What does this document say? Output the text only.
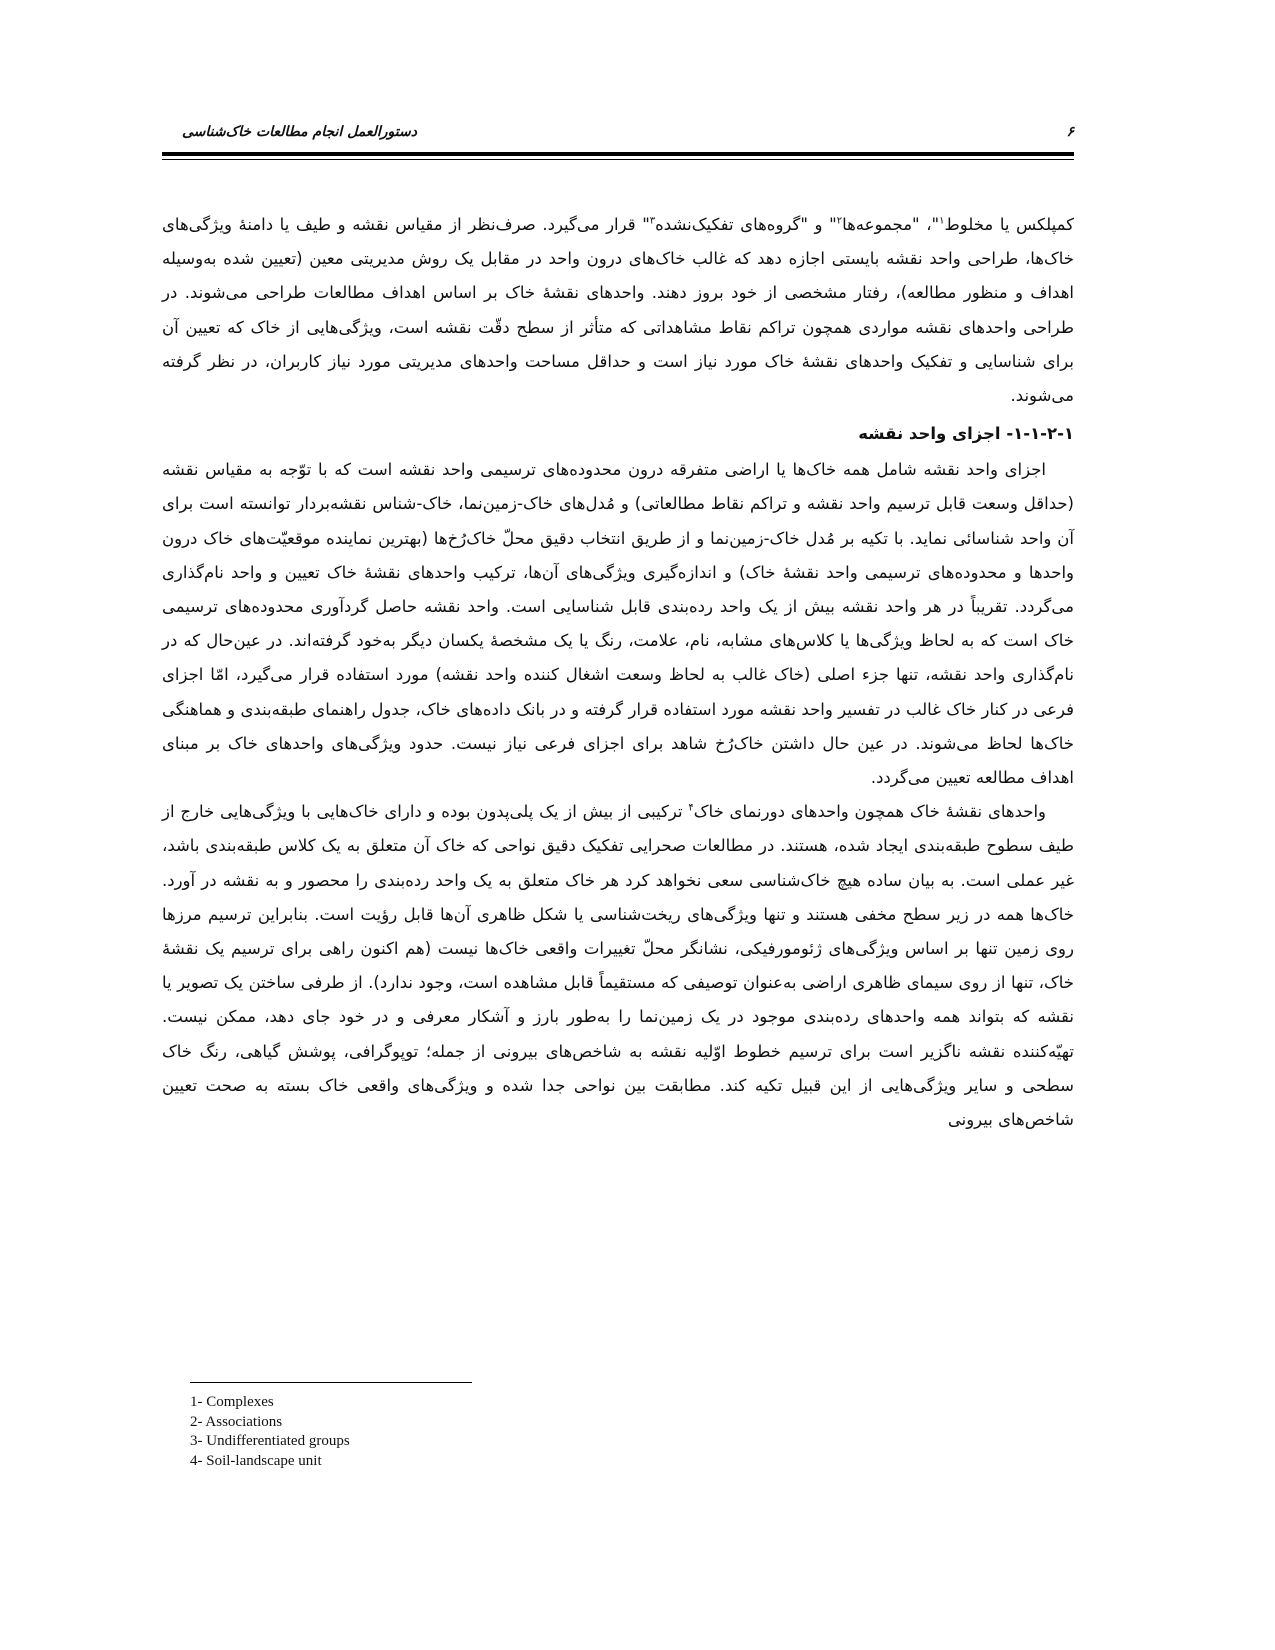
۶
دستورالعمل انجام مطالعات خاک‌شناسی

کمپلکس یا مخلوط$^۱$"، "مجموعه‌ها$^۲$" و "گروه‌های تفکیک‌نشده$^۳$" قرار می‌گیرد. صرف‌نظر از مقیاس نقشه و طیف یا دامنهٔ ویژگی‌های خاک‌ها، طراحی واحد نقشه بایستی اجازه دهد که غالب خاک‌های درون واحد در مقابل یک روش مدیریتی معین (تعیین شده به‌وسیله اهداف و منظور مطالعه)، رفتار مشخصی از خود بروز دهند. واحدهای نقشهٔ خاک بر اساس اهداف مطالعات طراحی می‌شوند. در طراحی واحدهای نقشه مواردی همچون تراکم نقاط مشاهداتی که متأثر از سطح دقّت نقشه است، ویژگی‌هایی از خاک که تعیین آن برای شناسایی و تفکیک واحدهای نقشهٔ خاک مورد نیاز است و حداقل مساحت واحدهای مدیریتی مورد نیاز کاربران، در نظر گرفته می‌شوند.

۱-۱-۲-۱- اجزای واحد نقشه

اجزای واحد نقشه شامل همه خاک‌ها یا اراضی متفرقه درون محدوده‌های ترسیمی واحد نقشه است که با توّجه به مقیاس نقشه (حداقل وسعت قابل ترسیم واحد نقشه و تراکم نقاط مطالعاتی) و مُدل‌های خاک-زمین‌نما، خاک-شناس نقشه‌بردار توانسته است برای آن واحد شناسائی نماید. با تکیه بر مُدل خاک-زمین‌نما و از طریق انتخاب دقیق محلّ خاک‌رُخ‌ها (بهترین نماینده موقعیّت‌های خاک درون واحدها و محدوده‌های ترسیمی واحد نقشهٔ خاک) و اندازه‌گیری ویژگی‌های آن‌ها، ترکیب واحدهای نقشهٔ خاک تعیین و واحد نام‌گذاری می‌گردد. تقریباً در هر واحد نقشه بیش از یک واحد رده‌بندی قابل شناسایی است. واحد نقشه حاصل گردآوری محدوده‌های ترسیمی خاک است که به لحاظ ویژگی‌ها یا کلاس‌های مشابه، نام، علامت، رنگ یا یک مشخصهٔ یکسان دیگر به‌خود گرفته‌اند. در عین‌حال که در نام‌گذاری واحد نقشه، تنها جزء اصلی (خاک غالب به لحاظ وسعت اشغال کننده واحد نقشه) مورد استفاده قرار می‌گیرد، امّا اجزای فرعی در کنار خاک غالب در تفسیر واحد نقشه مورد استفاده قرار گرفته و در بانک داده‌های خاک، جدول راهنمای طبقه‌بندی و هماهنگی خاک‌ها لحاظ می‌شوند. در عین حال داشتن خاک‌رُخ شاهد برای اجزای فرعی نیاز نیست. حدود ویژگی‌های واحدهای خاک بر مبنای اهداف مطالعه تعیین می‌گردد.

واحدهای نقشهٔ خاک همچون واحدهای دورنمای خاک$^۴$ ترکیبی از بیش از یک پلی‌پدون بوده و دارای خاک‌هایی با ویژگی‌هایی خارج از طیف سطوح طبقه‌بندی ایجاد شده، هستند. در مطالعات صحرایی تفکیک دقیق نواحی که خاک آن متعلق به یک کلاس طبقه‌بندی باشد، غیر عملی است. به بیان ساده هیچ خاک‌شناسی سعی نخواهد کرد هر خاک متعلق به یک واحد رده‌بندی را محصور و به نقشه در آورد. خاک‌ها همه در زیر سطح مخفی هستند و تنها ویژگی‌های ریخت‌شناسی یا شکل ظاهری آن‌ها قابل رؤیت است. بنابراین ترسیم مرزها روی زمین تنها بر اساس ویژگی‌های ژئومورفیکی، نشانگر محلّ تغییرات واقعی خاک‌ها نیست (هم اکنون راهی برای ترسیم یک نقشهٔ خاک، تنها از روی سیمای ظاهری اراضی به‌عنوان توصیفی که مستقیماً قابل مشاهده است، وجود ندارد). از طرفی ساختن یک تصویر یا نقشه که بتواند همه واحدهای رده‌بندی موجود در یک زمین‌نما را به‌طور بارز و آشکار معرفی و در خود جای دهد، ممکن نیست. تهیّه‌کننده نقشه ناگزیر است برای ترسیم خطوط اوّلیه نقشه به شاخص‌های بیرونی از جمله؛ توپوگرافی، پوشش گیاهی، رنگ خاک سطحی و سایر ویژگی‌هایی از این قبیل تکیه کند. مطابقت بین نواحی جدا شده و ویژگی‌های واقعی خاک بسته به صحت تعیین شاخص‌های بیرونی

1- Complexes
2- Associations
3- Undifferentiated groups
4- Soil-landscape unit
